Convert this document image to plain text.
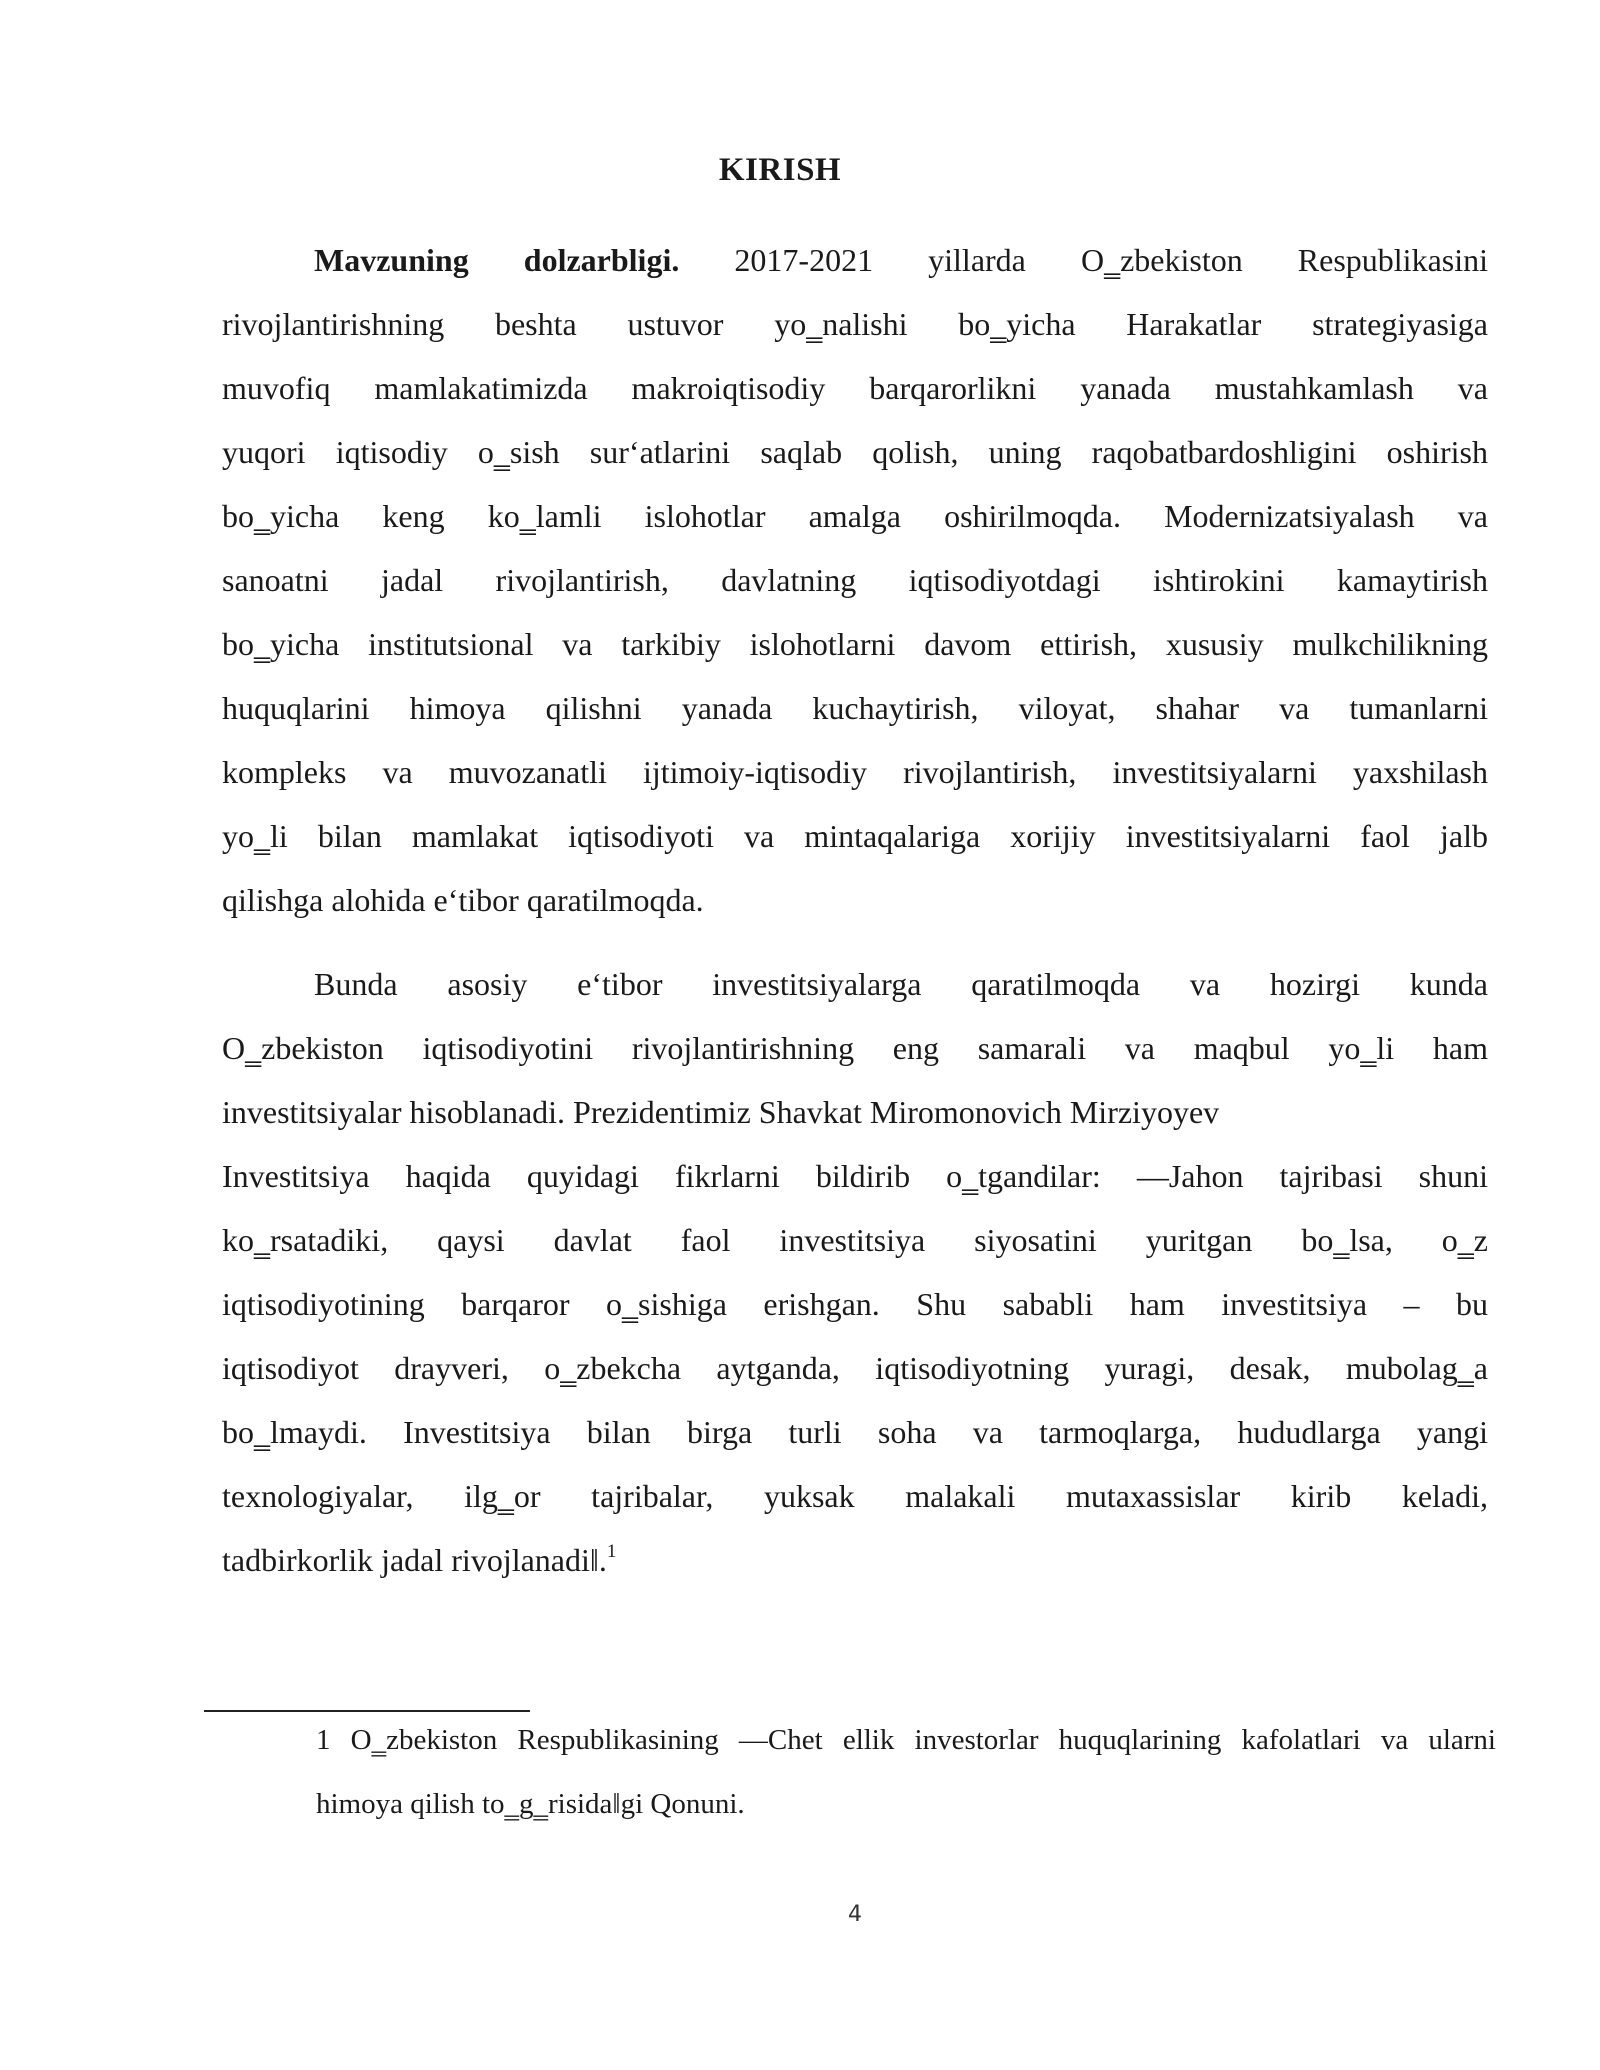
KIRISH
Mavzuning dolzarbligi. 2017-2021 yillarda O‗zbekiston Respublikasini
rivojlantirishning beshta ustuvor yo‗nalishi bo‗yicha Harakatlar strategiyasiga
muvofiq mamlakatimizda makroiqtisodiy barqarorlikni yanada mustahkamlash va
yuqori iqtisodiy o‗sish sur‘atlarini saqlab qolish, uning raqobatbardoshligini oshirish
bo‗yicha keng ko‗lamli islohotlar amalga oshirilmoqda. Modernizatsiyalash va
sanoatni jadal rivojlantirish, davlatning iqtisodiyotdagi ishtirokini kamaytirish
bo‗yicha institutsional va tarkibiy islohotlarni davom ettirish, xususiy mulkchilikning
huquqlarini himoya qilishni yanada kuchaytirish, viloyat, shahar va tumanlarni
kompleks va muvozanatli ijtimoiy-iqtisodiy rivojlantirish, investitsiyalarni yaxshilash
yo‗li bilan mamlakat iqtisodiyoti va mintaqalariga xorijiy investitsiyalarni faol jalb
qilishga alohida e‘tibor qaratilmoqda.
Bunda asosiy e‘tibor investitsiyalarga qaratilmoqda va hozirgi kunda
O‗zbekiston iqtisodiyotini rivojlantirishning eng samarali va maqbul yo‗li ham
investitsiyalar hisoblanadi. Prezidentimiz Shavkat Miromonovich Mirziyoyev
Investitsiya haqida quyidagi fikrlarni bildirib o‗tgandilar: ―Jahon tajribasi shuni
ko‗rsatadiki, qaysi davlat faol investitsiya siyosatini yuritgan bo‗lsa, o‗z
iqtisodiyotining barqaror o‗sishiga erishgan. Shu sababli ham investitsiya – bu
iqtisodiyot drayveri, o‗zbekcha aytganda, iqtisodiyotning yuragi, desak, mubolag‗a
bo‗lmaydi. Investitsiya bilan birga turli soha va tarmoqlarga, hududlarga yangi
texnologiyalar, ilg‗or tajribalar, yuksak malakali mutaxassislar kirib keladi,
tadbirkorlik jadal rivojlanadi‖.$^1$
1 O‗zbekiston Respublikasining ―Chet ellik investorlar huquqlarining kafolatlari va ularni
himoya qilish to‗g‗risida‖gi Qonuni.
4
